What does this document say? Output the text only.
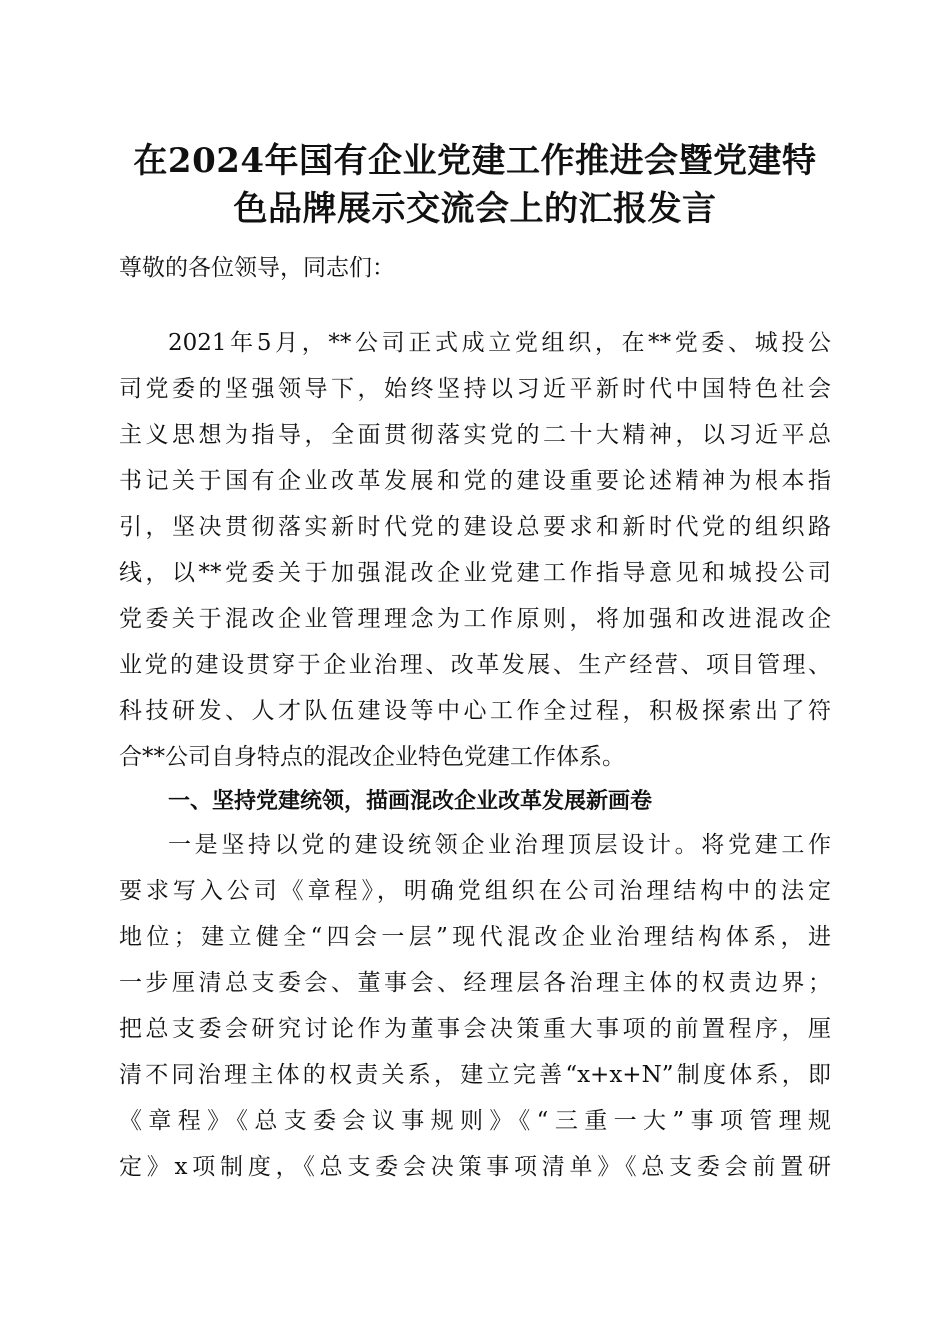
在2024年国有企业党建工作推进会暨党建特
色品牌展示交流会上的汇报发言
尊敬的各位领导，同志们：
2021年5月，**公司正式成立党组织，在**党委、城投公
司党委的坚强领导下，始终坚持以习近平新时代中国特色社会
主义思想为指导，全面贯彻落实党的二十大精神，以习近平总
书记关于国有企业改革发展和党的建设重要论述精神为根本指
引，坚决贯彻落实新时代党的建设总要求和新时代党的组织路
线，以**党委关于加强混改企业党建工作指导意见和城投公司
党委关于混改企业管理理念为工作原则，将加强和改进混改企
业党的建设贯穿于企业治理、改革发展、生产经营、项目管理、
科技研发、人才队伍建设等中心工作全过程，积极探索出了符
合**公司自身特点的混改企业特色党建工作体系。
一、坚持党建统领，描画混改企业改革发展新画卷
一是坚持以党的建设统领企业治理顶层设计。将党建工作
要求写入公司《章程》，明确党组织在公司治理结构中的法定
地位；建立健全“四会一层”现代混改企业治理结构体系，进
一步厘清总支委会、董事会、经理层各治理主体的权责边界；
把总支委会研究讨论作为董事会决策重大事项的前置程序，厘
清不同治理主体的权责关系，建立完善“x+x+N”制度体系，即
《章程》《总支委会议事规则》《“三重一大”事项管理规
定》x项制度，《总支委会决策事项清单》《总支委会前置研
